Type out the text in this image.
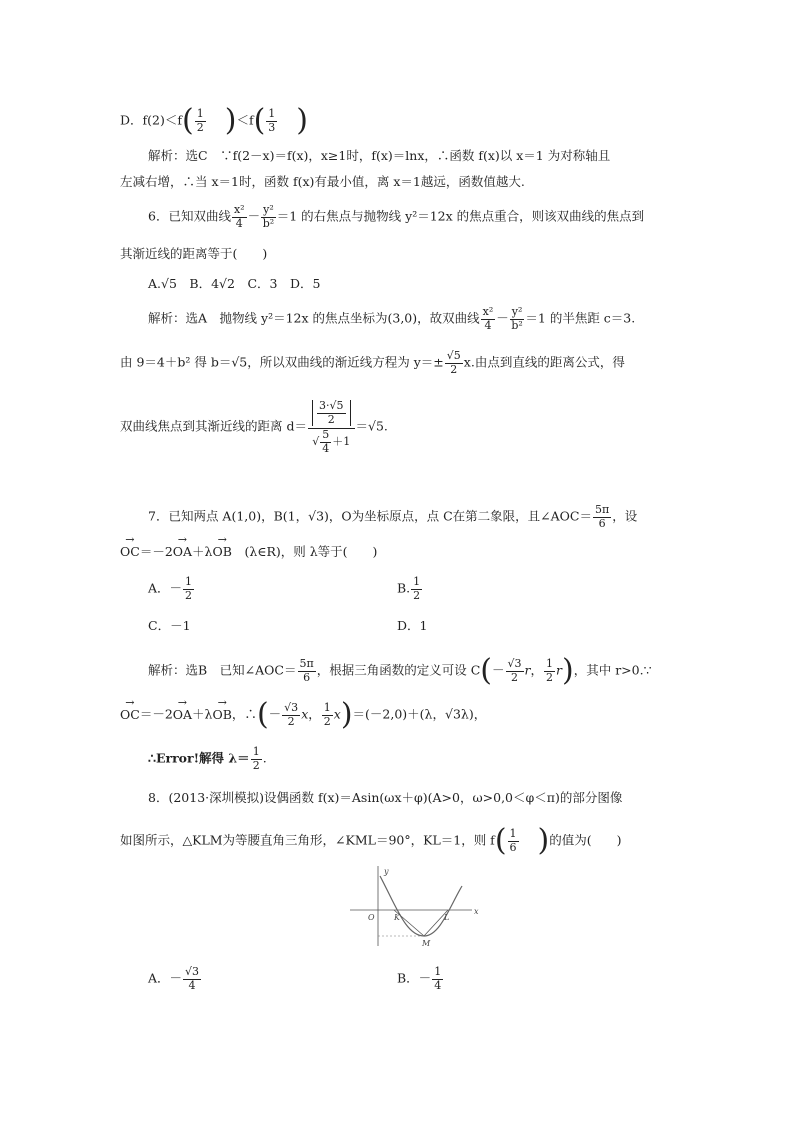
D．$f(2)<f( \frac{1}{2} )<f( \frac{1}{3}$ )
解析：选C　∵f(2－x)＝f(x)，x≥1时，f(x)＝lnx，∴函数 f(x)以 x＝1 为对称轴且
左减右增，∴当 x＝1时，函数 f(x)有最小值，离 x＝1越远，函数值越大.
6．已知双曲线 $\frac{\text{x²}}{4} - \frac{\text{y²}}{\text{b²}} =1$ 的右焦点与抛物线 y²＝12x 的焦点重合，则该双曲线的焦点到
其渐近线的距离等于(　　)
A.√5　B．4√2　C．3　D．5
解析：选A　抛物线 y²＝12x 的焦点坐标为(3,0)，故双曲线 $\frac{\text{x²}}{4} - \frac{\text{y²}}{\text{b²}} =1$ 的半焦距 c＝3.
由 9＝4＋b² 得 b＝√5，所以双曲线的渐近线方程为 $y=\pm \frac{√5}{2} x$.由点到直线的距离公式，得
双曲线焦点到其渐近线的距离 $d= \frac{\frac{3\cdot√5}{2}}{√ \frac{5}{4} +1} =√5$.
7．已知两点 A(1,0)，B(1，√3)，O为坐标原点，点 C在第二象限，且∠AOC＝ $\frac{5\pi}{6}$ ，设
→ OC＝－2→ OA＋λ→ OB　 (λ∈R)，则 λ等于(　　)
A．－ $\frac{1}{2}$	B. $\frac{1}{2}$
C．－1	D．1
解析：选B　已知∠AOC＝ $\frac{5\pi}{6}$ ，根据三角函数的定义可设 $C(- \frac{√3}{2}$ r， $\frac{1}{2} r$)，其中 r>0.∵
→ OC＝－2→ OA＋λ→ OB，∴(－ $\frac{√3}{2}$ x， $\frac{1}{2} x)=(-2,0)+(\lambda$，√3λ)，
∴Error!解得 $\lambda= \frac{1}{2}$ .
8．(2013·深圳模拟)设偶函数 f(x)＝Asin(ωx＋φ)(A>0，ω>0,0＜φ＜π)的部分图像
如图所示，△KLM为等腰直角三角形，∠KML＝90°，KL＝1，则 $f( \frac{1}{6}$ )的值为(　　)
y
x
O K	L
M
A．－ $\frac{√3}{4}$	B．－ $\frac{1}{4}$
